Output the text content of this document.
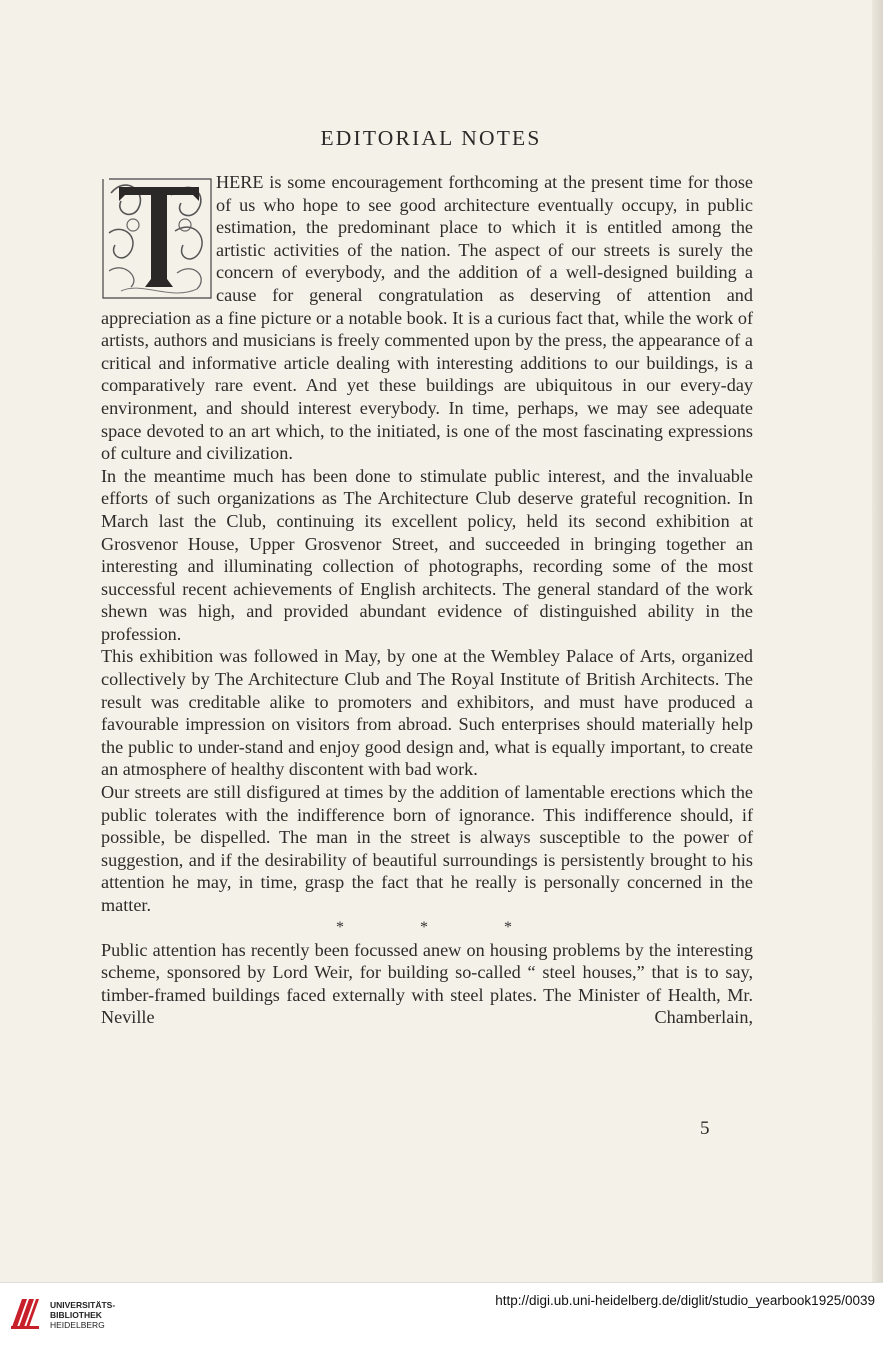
EDITORIAL NOTES

HERE is some encouragement forthcoming at the present time for those of us who hope to see good architecture eventually occupy, in public estimation, the predominant place to which it is entitled among the artistic activities of the nation. The aspect of our streets is surely the concern of everybody, and the addition of a well-designed building a cause for general congratulation as deserving of attention and appreciation as a fine picture or a notable book. It is a curious fact that, while the work of artists, authors and musicians is freely commented upon by the press, the appearance of a critical and informative article dealing with interesting additions to our buildings, is a comparatively rare event. And yet these buildings are ubiquitous in our every-day environment, and should interest everybody. In time, perhaps, we may see adequate space devoted to an art which, to the initiated, is one of the most fascinating expressions of culture and civilization.

In the meantime much has been done to stimulate public interest, and the invaluable efforts of such organizations as The Architecture Club deserve grateful recognition. In March last the Club, continuing its excellent policy, held its second exhibition at Grosvenor House, Upper Grosvenor Street, and succeeded in bringing together an interesting and illuminating collection of photographs, recording some of the most successful recent achievements of English architects. The general standard of the work shewn was high, and provided abundant evidence of distinguished ability in the profession.

This exhibition was followed in May, by one at the Wembley Palace of Arts, organized collectively by The Architecture Club and The Royal Institute of British Architects. The result was creditable alike to promoters and exhibitors, and must have produced a favourable impression on visitors from abroad. Such enterprises should materially help the public to under-stand and enjoy good design and, what is equally important, to create an atmosphere of healthy discontent with bad work.

Our streets are still disfigured at times by the addition of lamentable erections which the public tolerates with the indifference born of ignorance. This indifference should, if possible, be dispelled. The man in the street is always susceptible to the power of suggestion, and if the desirability of beautiful surroundings is persistently brought to his attention he may, in time, grasp the fact that he really is personally concerned in the matter.

* * *

Public attention has recently been focussed anew on housing problems by the interesting scheme, sponsored by Lord Weir, for building so-called “ steel houses,” that is to say, timber-framed buildings faced externally with steel plates. The Minister of Health, Mr. Neville Chamberlain,

5
UNIVERSITÄTS-
BIBLIOTHEK
HEIDELBERG
http://digi.ub.uni-heidelberg.de/diglit/studio_yearbook1925/0039
